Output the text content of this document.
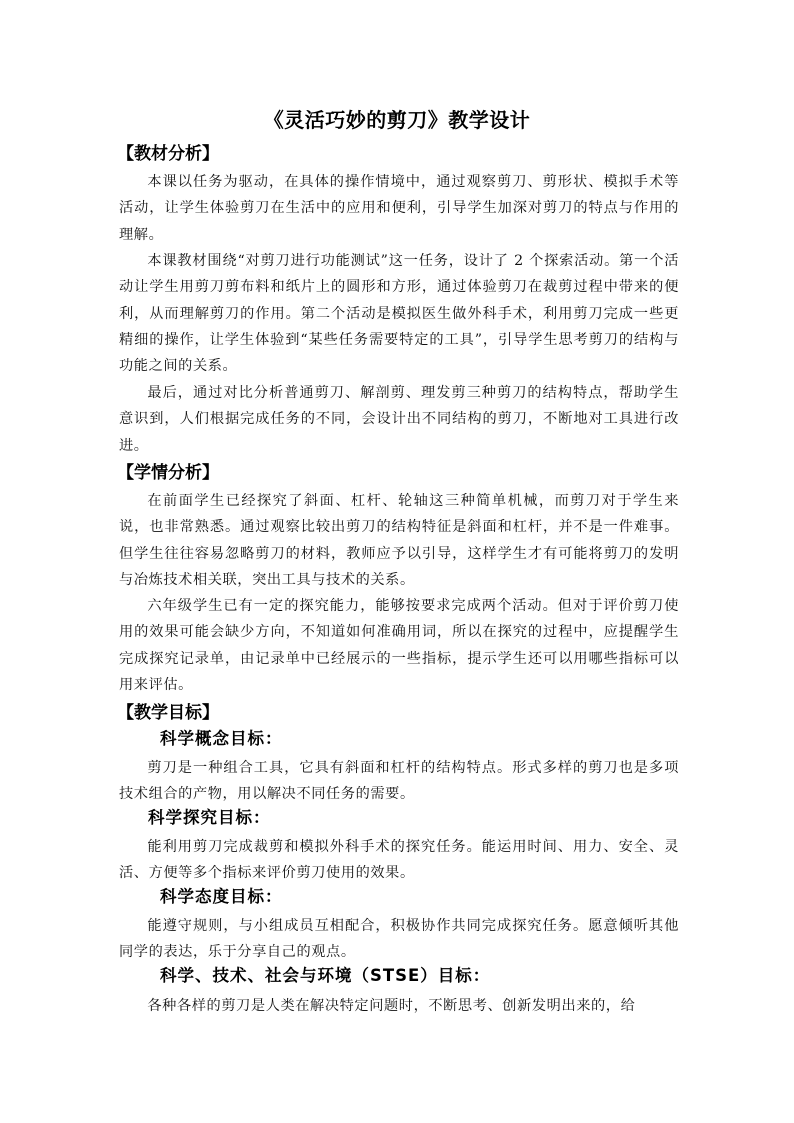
《灵活巧妙的剪刀》教学设计
【教材分析】
本课以任务为驱动，在具体的操作情境中，通过观察剪刀、剪形状、模拟手术等活动，让学生体验剪刀在生活中的应用和便利，引导学生加深对剪刀的特点与作用的理解。
本课教材围绕“对剪刀进行功能测试”这一任务，设计了 2 个探索活动。第一个活动让学生用剪刀剪布料和纸片上的圆形和方形，通过体验剪刀在裁剪过程中带来的便利，从而理解剪刀的作用。第二个活动是模拟医生做外科手术，利用剪刀完成一些更精细的操作，让学生体验到“某些任务需要特定的工具”，引导学生思考剪刀的结构与功能之间的关系。
最后，通过对比分析普通剪刀、解剖剪、理发剪三种剪刀的结构特点，帮助学生意识到，人们根据完成任务的不同，会设计出不同结构的剪刀，不断地对工具进行改进。
【学情分析】
在前面学生已经探究了斜面、杠杆、轮轴这三种简单机械，而剪刀对于学生来说，也非常熟悉。通过观察比较出剪刀的结构特征是斜面和杠杆，并不是一件难事。但学生往往容易忽略剪刀的材料，教师应予以引导，这样学生才有可能将剪刀的发明与冶炼技术相关联，突出工具与技术的关系。
六年级学生已有一定的探究能力，能够按要求完成两个活动。但对于评价剪刀使用的效果可能会缺少方向，不知道如何准确用词，所以在探究的过程中，应提醒学生完成探究记录单，由记录单中已经展示的一些指标，提示学生还可以用哪些指标可以用来评估。
【教学目标】
科学概念目标：
剪刀是一种组合工具，它具有斜面和杠杆的结构特点。形式多样的剪刀也是多项技术组合的产物，用以解决不同任务的需要。
科学探究目标：
能利用剪刀完成裁剪和模拟外科手术的探究任务。能运用时间、用力、安全、灵活、方便等多个指标来评价剪刀使用的效果。
科学态度目标：
能遵守规则，与小组成员互相配合，积极协作共同完成探究任务。愿意倾听其他同学的表达，乐于分享自己的观点。
科学、技术、社会与环境（STSE）目标：
各种各样的剪刀是人类在解决特定问题时，不断思考、创新发明出来的，给
